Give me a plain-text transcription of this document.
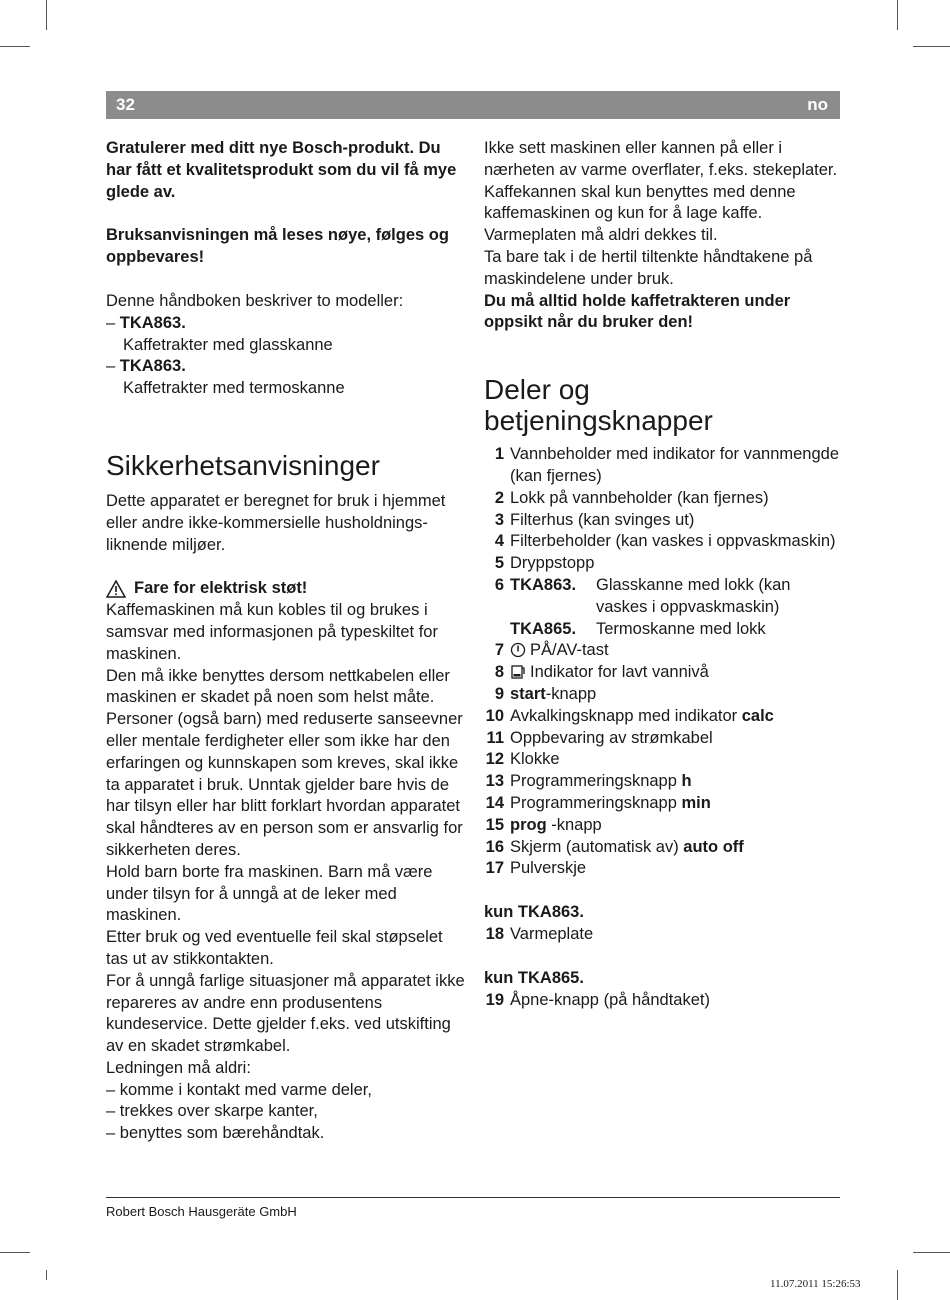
32	no

Gratulerer med ditt nye Bosch-produkt. Du har fått et kvalitetsprodukt som du vil få mye glede av.

Bruksanvisningen må leses nøye, følges og oppbevares!

Denne håndboken beskriver to modeller:

– TKA863.

Kaffetrakter med glasskanne

– TKA863.

Kaffetrakter med termoskanne

Sikkerhetsanvisninger

Dette apparatet er beregnet for bruk i hjemmet eller andre ikke-kommersielle husholdnings-liknende miljøer.

Fare for elektrisk støt!

Kaffemaskinen må kun kobles til og brukes i samsvar med informasjonen på typeskiltet for maskinen.

Den må ikke benyttes dersom nettkabelen eller maskinen er skadet på noen som helst måte.

Personer (også barn) med reduserte sanseevner eller mentale ferdigheter eller som ikke har den erfaringen og kunnskapen som kreves, skal ikke ta apparatet i bruk. Unntak gjelder bare hvis de har tilsyn eller har blitt forklart hvordan apparatet skal håndteres av en person som er ansvarlig for sikkerheten deres.

Hold barn borte fra maskinen. Barn må være under tilsyn for å unngå at de leker med maskinen.

Etter bruk og ved eventuelle feil skal støpselet tas ut av stikkontakten.

For å unngå farlige situasjoner må apparatet ikke repareres av andre enn produsentens kundeservice. Dette gjelder f.eks. ved utskifting av en skadet strømkabel.

Ledningen må aldri:

– komme i kontakt med varme deler,

– trekkes over skarpe kanter,

– benyttes som bærehåndtak.

Ikke sett maskinen eller kannen på eller i nærheten av varme overflater, f.eks. stekeplater. Kaffekannen skal kun benyttes med denne kaffemaskinen og kun for å lage kaffe.

Varmeplaten må aldri dekkes til.

Ta bare tak i de hertil tiltenkte håndtakene på maskindelene under bruk.

Du må alltid holde kaffetrakteren under oppsikt når du bruker den!

Deler og
betjeningsknapper
1 Vannbeholder med indikator for vannmengde (kan fjernes)
2 Lokk på vannbeholder (kan fjernes)
3 Filterhus (kan svinges ut)
4 Filterbeholder (kan vaskes i oppvaskmaskin)
5 Dryppstopp
6 TKA863.	Glasskanne med lokk (kan vaskes i oppvaskmaskin)
TKA865.	Termoskanne med lokk
7	PÅ/AV-tast
8	Indikator for lavt vannivå
9 start-knapp
10 Avkalkingsknapp med indikator calc
11 Oppbevaring av strømkabel
12 Klokke
13 Programmeringsknapp h
14 Programmeringsknapp min
15 prog -knapp
16 Skjerm (automatisk av) auto off
17 Pulverskje

kun TKA863.

18 Varmeplate

kun TKA865.

19 Åpne-knapp (på håndtaket)
Robert Bosch Hausgeräte GmbH
11.07.2011 15:26:53
